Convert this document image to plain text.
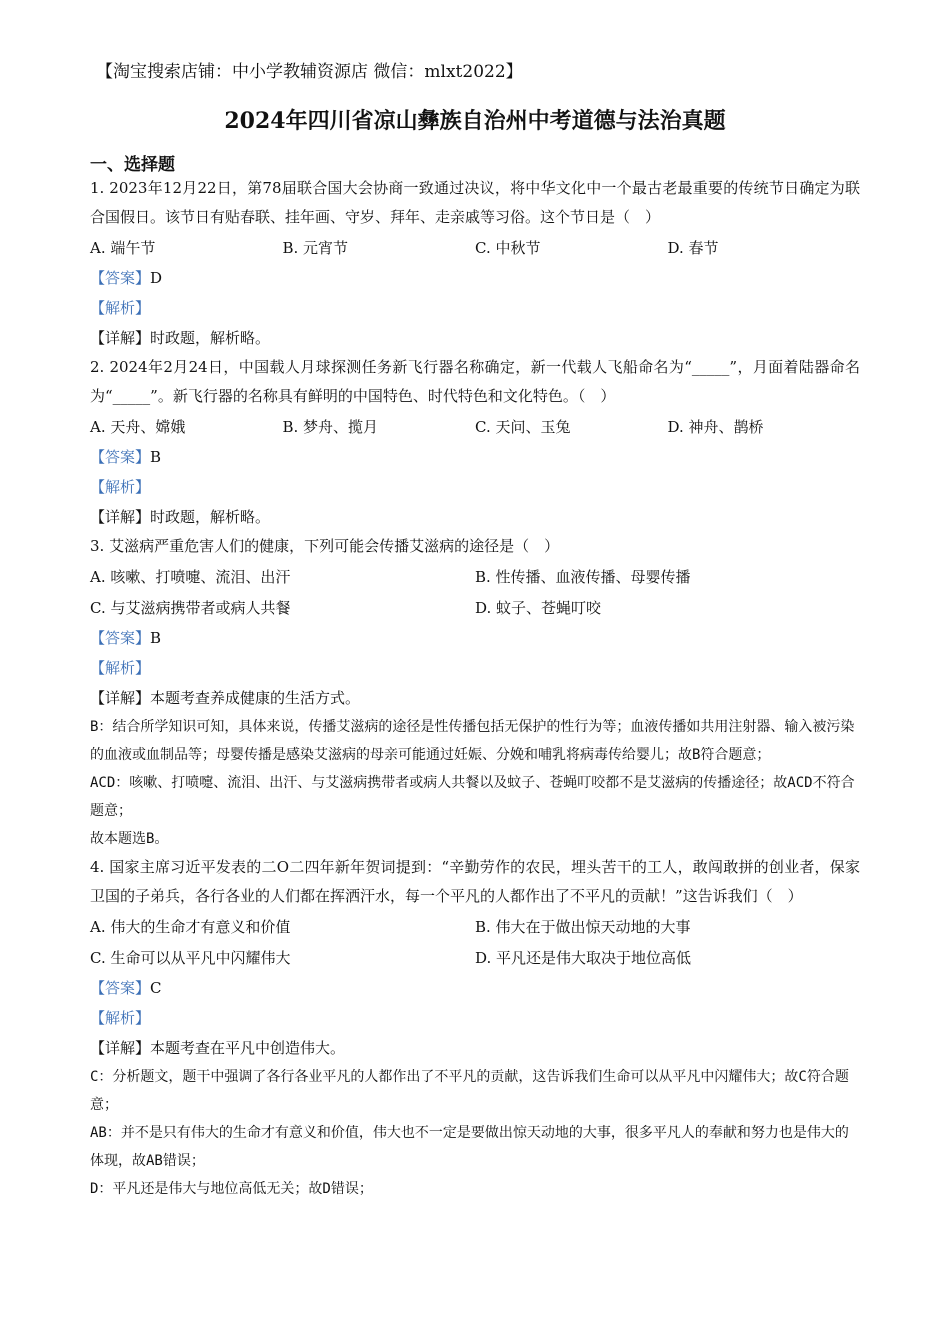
【淘宝搜索店铺：中小学教辅资源店 微信：mlxt2022】
2024年四川省凉山彝族自治州中考道德与法治真题
一、选择题

1. 2023年12月22日，第78届联合国大会协商一致通过决议，将中华文化中一个最古老最重要的传统节日确定为联合国假日。该节日有贴春联、挂年画、守岁、拜年、走亲戚等习俗。这个节日是（　）

A. 端午节	B. 元宵节	C. 中秋节	D. 春节

【答案】D

【解析】

【详解】时政题，解析略。

2. 2024年2月24日，中国载人月球探测任务新飞行器名称确定，新一代载人飞船命名为“_____”，月面着陆器命名为“_____”。新飞行器的名称具有鲜明的中国特色、时代特色和文化特色。（　）

A. 天舟、嫦娥	B. 梦舟、揽月	C. 天问、玉兔	D. 神舟、鹊桥

【答案】B

【解析】

【详解】时政题，解析略。

3. 艾滋病严重危害人们的健康，下列可能会传播艾滋病的途径是（　）

A. 咳嗽、打喷嚏、流泪、出汗	B. 性传播、血液传播、母婴传播
C. 与艾滋病携带者或病人共餐	D. 蚊子、苍蝇叮咬

【答案】B

【解析】

【详解】本题考查养成健康的生活方式。

B：结合所学知识可知，具体来说，传播艾滋病的途径是性传播包括无保护的性行为等；血液传播如共用注射器、输入被污染的血液或血制品等；母婴传播是感染艾滋病的母亲可能通过妊娠、分娩和哺乳将病毒传给婴儿；故B符合题意；

ACD：咳嗽、打喷嚏、流泪、出汗、与艾滋病携带者或病人共餐以及蚊子、苍蝇叮咬都不是艾滋病的传播途径；故ACD不符合题意；

故本题选B。

4. 国家主席习近平发表的二O二四年新年贺词提到：“辛勤劳作的农民，埋头苦干的工人，敢闯敢拼的创业者，保家卫国的子弟兵，各行各业的人们都在挥洒汗水，每一个平凡的人都作出了不平凡的贡献！”这告诉我们（　）

A. 伟大的生命才有意义和价值	B. 伟大在于做出惊天动地的大事
C. 生命可以从平凡中闪耀伟大	D. 平凡还是伟大取决于地位高低

【答案】C

【解析】

【详解】本题考查在平凡中创造伟大。

C：分析题文，题干中强调了各行各业平凡的人都作出了不平凡的贡献，这告诉我们生命可以从平凡中闪耀伟大；故C符合题意；

AB：并不是只有伟大的生命才有意义和价值，伟大也不一定是要做出惊天动地的大事，很多平凡人的奉献和努力也是伟大的体现，故AB错误；

D：平凡还是伟大与地位高低无关；故D错误；
